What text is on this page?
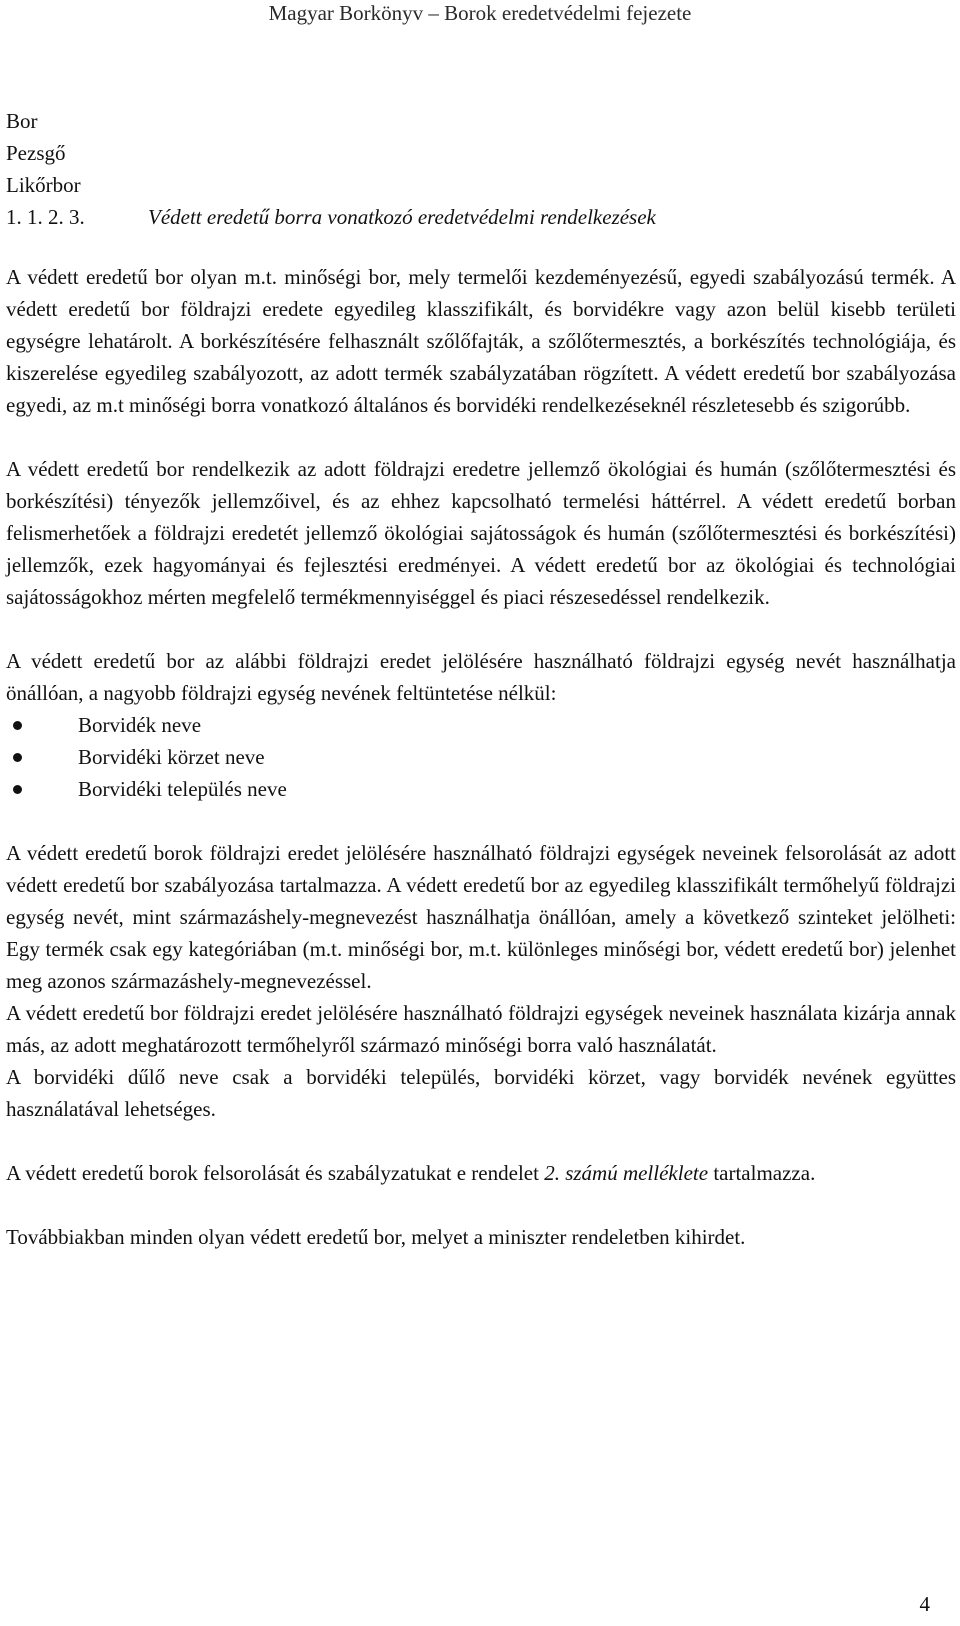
Magyar Borkönyv – Borok eredetvédelmi fejezete

Bor

Pezsgő

Likőrbor

1. 1. 2. 3.	Védett eredetű borra vonatkozó eredetvédelmi rendelkezések

A védett eredetű bor olyan m.t. minőségi bor, mely termelői kezdeményezésű, egyedi szabályozású termék. A védett eredetű bor földrajzi eredete egyedileg klasszifikált, és borvidékre vagy azon belül kisebb területi egységre lehatárolt. A borkészítésére felhasznált szőlőfajták, a szőlőtermesztés, a borkészítés technológiája, és kiszerelése egyedileg szabályozott, az adott termék szabályzatában rögzített. A védett eredetű bor szabályozása egyedi, az m.t minőségi borra vonatkozó általános és borvidéki rendelkezéseknél részletesebb és szigorúbb.

A védett eredetű bor rendelkezik az adott földrajzi eredetre jellemző ökológiai és humán (szőlőtermesztési és borkészítési) tényezők jellemzőivel, és az ehhez kapcsolható termelési háttérrel. A védett eredetű borban felismerhetőek a földrajzi eredetét jellemző ökológiai sajátosságok és humán (szőlőtermesztési és borkészítési) jellemzők, ezek hagyományai és fejlesztési eredményei. A védett eredetű bor az ökológiai és technológiai sajátosságokhoz mérten megfelelő termékmennyiséggel és piaci részesedéssel rendelkezik.

A védett eredetű bor az alábbi földrajzi eredet jelölésére használható földrajzi egység nevét használhatja önállóan, a nagyobb földrajzi egység nevének feltüntetése nélkül:

Borvidék neve
Borvidéki körzet neve
Borvidéki település neve

A védett eredetű borok földrajzi eredet jelölésére használható földrajzi egységek neveinek felsorolását az adott védett eredetű bor szabályozása tartalmazza. A védett eredetű bor az egyedileg klasszifikált termőhelyű földrajzi egység nevét, mint származáshely-megnevezést használhatja önállóan, amely a következő szinteket jelölheti: Egy termék csak egy kategóriában (m.t. minőségi bor, m.t. különleges minőségi bor, védett eredetű bor) jelenhet meg azonos származáshely-megnevezéssel.

A védett eredetű bor földrajzi eredet jelölésére használható földrajzi egységek neveinek használata kizárja annak más, az adott meghatározott termőhelyről származó minőségi borra való használatát.

A borvidéki dűlő neve csak a borvidéki település, borvidéki körzet, vagy borvidék nevének együttes használatával lehetséges.

A védett eredetű borok felsorolását és szabályzatukat e rendelet 2. számú melléklete tartalmazza.

Továbbiakban minden olyan védett eredetű bor, melyet a miniszter rendeletben kihirdet.

4
